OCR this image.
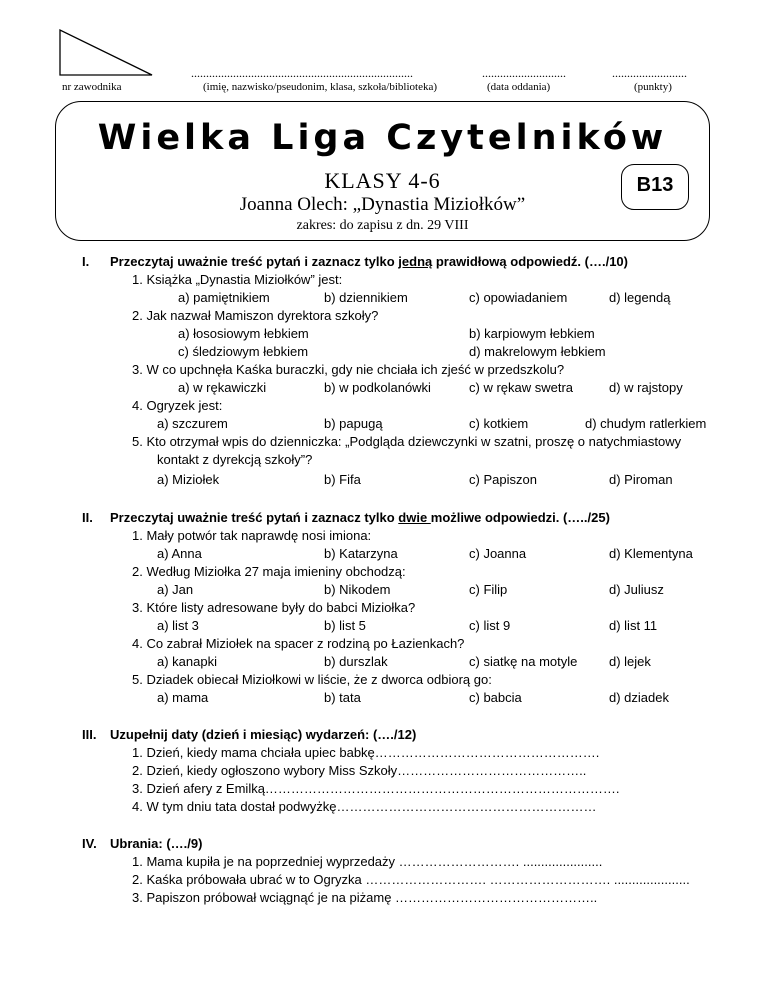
nr zawodnika
..........................................................................
(imię, nazwisko/pseudonim, klasa, szkoła/biblioteka)
............................
(data oddania)
.........................
(punkty)
Wielka Liga Czytelników
KLASY 4-6
Joanna Olech: „Dynastia Miziołków”
zakres: do zapisu z dn. 29 VIII
B13
I. Przeczytaj uważnie treść pytań i zaznacz tylko jedną prawidłową odpowiedź. (…./10)
1. Książka „Dynastia Miziołków” jest:
a) pamiętnikiem	b) dziennikiem	c) opowiadaniem	d) legendą
2. Jak nazwał Mamiszon dyrektora szkoły?
a) łososiowym łebkiem	b) karpiowym łebkiem
c) śledziowym łebkiem	d) makrelowym łebkiem
3. W co upchnęła Kaśka buraczki, gdy nie chciała ich zjeść w przedszkolu?
a) w rękawiczki	b) w podkolanówki	c) w rękaw swetra	d) w rajstopy
4. Ogryzek jest:
a) szczurem	b) papugą	c) kotkiem	d) chudym ratlerkiem
5. Kto otrzymał wpis do dzienniczka: „Podgląda dziewczynki w szatni, proszę o natychmiastowy
kontakt z dyrekcją szkoły”?
a) Miziołek	b) Fifa	c) Papiszon	d) Piroman
II. Przeczytaj uważnie treść pytań i zaznacz tylko dwie możliwe odpowiedzi. (…../25)
1. Mały potwór tak naprawdę nosi imiona:
a) Anna	b) Katarzyna	c) Joanna	d) Klementyna
2. Według Miziołka 27 maja imieniny obchodzą:
a) Jan	b) Nikodem	c) Filip	d) Juliusz
3. Które listy adresowane były do babci Miziołka?
a) list 3	b) list 5	c) list 9	d) list 11
4. Co zabrał Miziołek na spacer z rodziną po Łazienkach?
a) kanapki	b) durszlak	c) siatkę na motyle d) lejek
5. Dziadek obiecał Miziołkowi w liście, że z dworca odbiorą go:
a) mama	b) tata	c) babcia	d) dziadek
III. Uzupełnij daty (dzień i miesiąc) wydarzeń: (…./12)
1. Dzień, kiedy mama chciała upiec babkę…………………………………………….
2. Dzień, kiedy ogłoszono wybory Miss Szkoły……………………………………..
3. Dzień afery z Emilką……………………………………………………………………….
4. W tym dniu tata dostał podwyżkę……………………………………………………
IV. Ubrania: (…./9)
1. Mama kupiła je na poprzedniej wyprzedaży ………………………. ......................
2. Kaśka próbowała ubrać w to Ogryzka ………………………. ………………………. .....................
3. Papiszon próbował wciągnąć je na piżamę ………………………………………..
